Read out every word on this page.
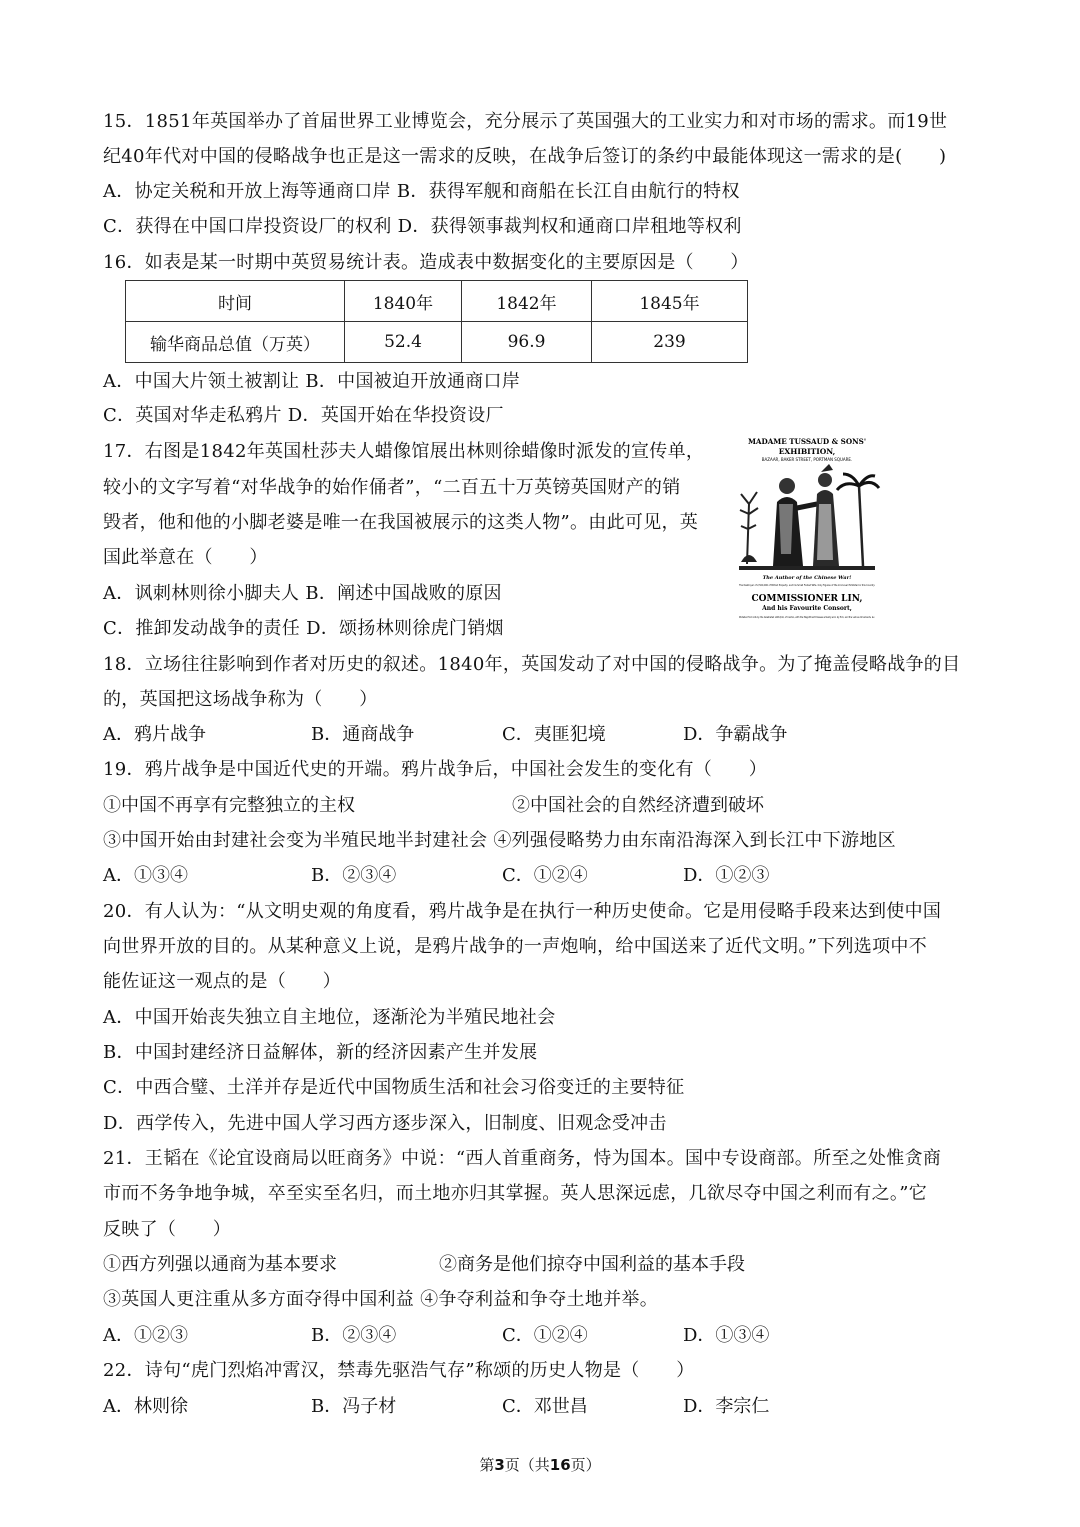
15．1851年英国举办了首届世界工业博览会，充分展示了英国强大的工业实力和对市场的需求。而19世
纪40年代对中国的侵略战争也正是这一需求的反映，在战争后签订的条约中最能体现这一需求的是(　　)
A．协定关税和开放上海等通商口岸 B．获得军舰和商船在长江自由航行的特权
C．获得在中国口岸投资设厂的权利 D．获得领事裁判权和通商口岸租地等权利
16．如表是某一时期中英贸易统计表。造成表中数据变化的主要原因是（　　）
时间	1840年	1842年	1845年
输华商品总值（万英）	52.4	96.9	239
A．中国大片领土被割让 B．中国被迫开放通商口岸
C．英国对华走私鸦片 D．英国开始在华投资设厂
17．右图是1842年英国杜莎夫人蜡像馆展出林则徐蜡像时派发的宣传单，
较小的文字写着“对华战争的始作俑者”，“二百五十万英镑英国财产的销
毁者，他和他的小脚老婆是唯一在我国被展示的这类人物”。由此可见，英
国此举意在（　　）
A．讽刺林则徐小脚夫人 B．阐述中国战败的原因
C．推卸发动战争的责任 D．颂扬林则徐虎门销烟
MADAME TUSSAUD & SONS'
EXHIBITION,
BAZAAR, BAKER STREET, PORTMAN SQUARE.
The Author of the Chinese War!
The Destroyer of 2,500,000 of British Property, and his Small Footed Wife. Only Figures of the kind ever Exhibited in this Country.
COMMISSIONER LIN,
And his Favourite Consort,
Modelled from Life by the Celebrated LAM-QUA, of Canton, with the Magnificent Dresses actually worn by Him, and the various Ornaments, &c.
18．立场往往影响到作者对历史的叙述。1840年，英国发动了对中国的侵略战争。为了掩盖侵略战争的目
的，英国把这场战争称为（　　）
A．鸦片战争	B．通商战争	C．夷匪犯境	D．争霸战争
19．鸦片战争是中国近代史的开端。鸦片战争后，中国社会发生的变化有（　　）
①中国不再享有完整独立的主权	②中国社会的自然经济遭到破坏
③中国开始由封建社会变为半殖民地半封建社会 ④列强侵略势力由东南沿海深入到长江中下游地区
A．①③④	B．②③④	C．①②④	D．①②③
20．有人认为：“从文明史观的角度看，鸦片战争是在执行一种历史使命。它是用侵略手段来达到使中国
向世界开放的目的。从某种意义上说，是鸦片战争的一声炮响，给中国送来了近代文明。”下列选项中不
能佐证这一观点的是（　　）
A．中国开始丧失独立自主地位，逐渐沦为半殖民地社会
B．中国封建经济日益解体，新的经济因素产生并发展
C．中西合璧、土洋并存是近代中国物质生活和社会习俗变迁的主要特征
D．西学传入，先进中国人学习西方逐步深入，旧制度、旧观念受冲击
21．王韬在《论宜设商局以旺商务》中说：“西人首重商务，恃为国本。国中专设商部。所至之处惟贪商
市而不务争地争城，卒至实至名归，而土地亦归其掌握。英人思深远虑，几欲尽夺中国之利而有之。”它
反映了（　　）
①西方列强以通商为基本要求	②商务是他们掠夺中国利益的基本手段
③英国人更注重从多方面夺得中国利益 ④争夺利益和争夺土地并举。
A．①②③	B．②③④	C．①②④	D．①③④
22．诗句“虎门烈焰冲霄汉，禁毒先驱浩气存”称颂的历史人物是（　　）
A．林则徐	B．冯子材	C．邓世昌	D．李宗仁
第3页（共16页）
